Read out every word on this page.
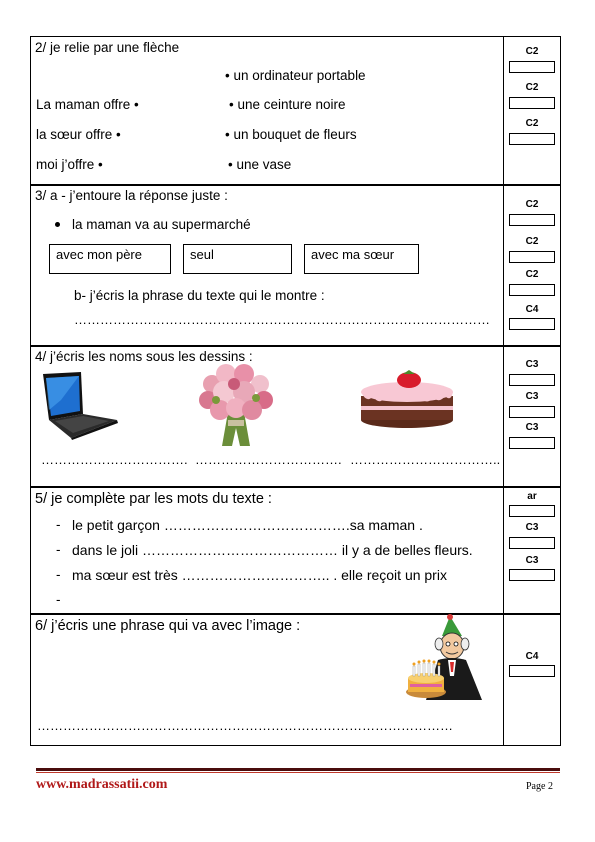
2/ je relie par une flèche
La maman offre •
la sœur offre •
moi j’offre •
• un ordinateur portable
• une ceinture noire
• un bouquet de fleurs
• une vase
C2
C2
C2
3/ a - j’entoure la réponse juste :
la maman va au supermarché
avec mon père	seul	avec ma sœur
b- j’écris la phrase du texte qui le montre :
……………………………………………………………………………………
C2
C2
C2
C4
4/ j’écris les noms sous les dessins :
……………………………. ……………………………. ……………………………..
C3
C3
C3
5/ je complète par les mots du texte :
- le petit garçon ………………………………….sa maman .
- dans le joli …………………………………… il y a de belles fleurs.
- ma sœur est très ………………………….. . elle reçoit un prix
-
ar
C3
C3
6/ j’écris une phrase qui va avec l’image :
……………………………………………………………………………………
C4
www.madrassatii.com	Page 2
